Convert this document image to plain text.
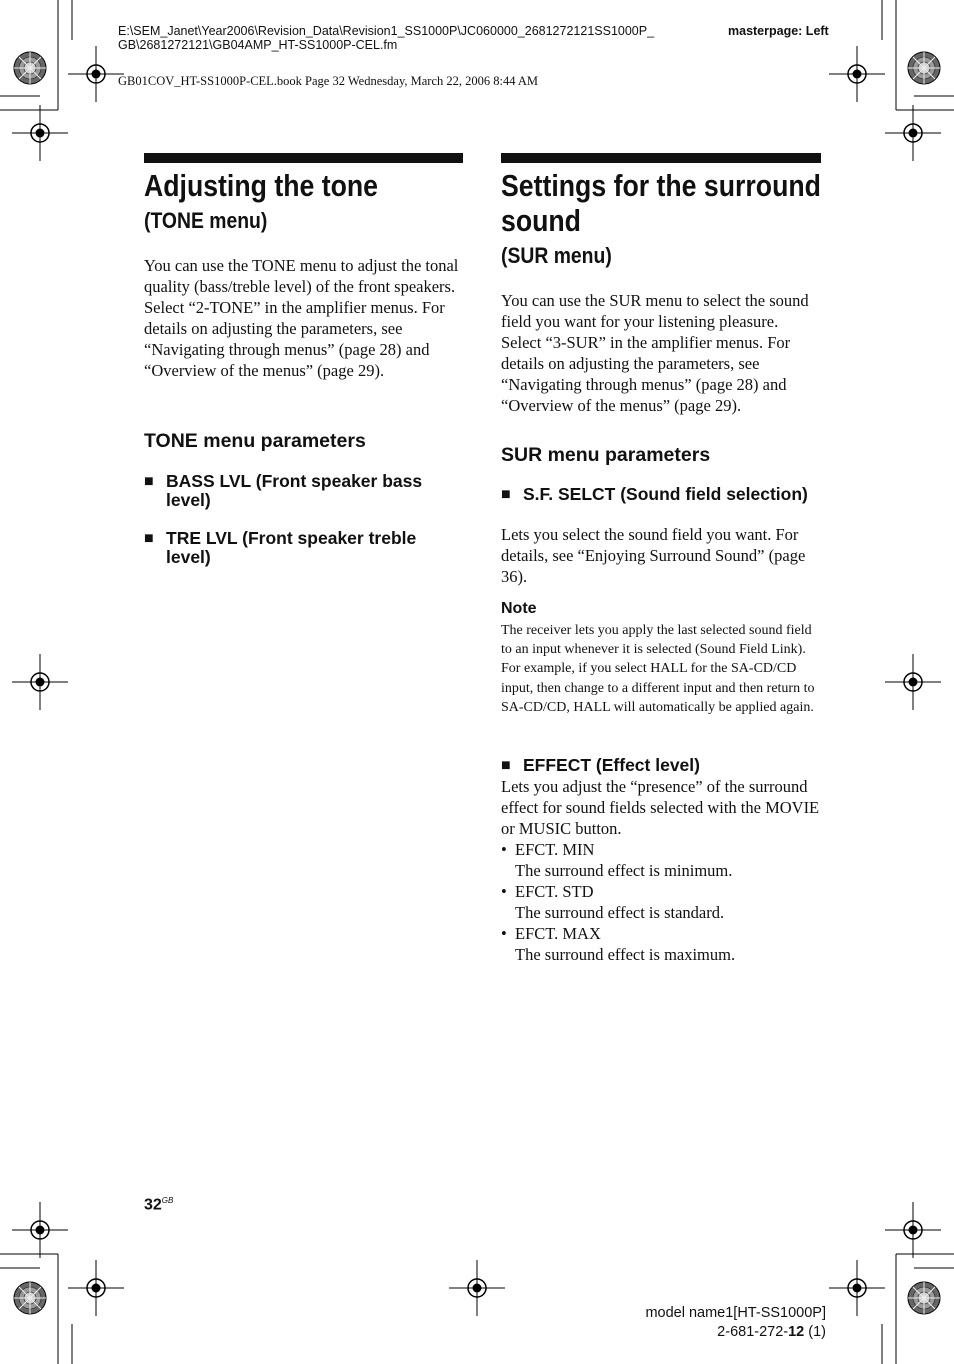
E:\SEM_Janet\Year2006\Revision_Data\Revision1_SS1000P\JC060000_2681272121SS1000P_
GB\2681272121\GB04AMP_HT-SS1000P-CEL.fm
masterpage: Left
GB01COV_HT-SS1000P-CEL.book Page 32 Wednesday, March 22, 2006 8:44 AM
Adjusting the tone
(TONE menu)

You can use the TONE menu to adjust the tonal quality (bass/treble level) of the front speakers.

Select “2-TONE” in the amplifier menus. For details on adjusting the parameters, see “Navigating through menus” (page 28) and “Overview of the menus” (page 29).

TONE menu parameters
■ BASS LVL (Front speaker bass level)
■ TRE LVL (Front speaker treble level)
Settings for the surround
sound
(SUR menu)

You can use the SUR menu to select the sound field you want for your listening pleasure.

Select “3-SUR” in the amplifier menus. For details on adjusting the parameters, see “Navigating through menus” (page 28) and “Overview of the menus” (page 29).

SUR menu parameters
■ S.F. SELCT (Sound field selection)
Lets you select the sound field you want. For details, see “Enjoying Surround Sound” (page 36).
Note
The receiver lets you apply the last selected sound field to an input whenever it is selected (Sound Field Link). For example, if you select HALL for the SA-CD/CD input, then change to a different input and then return to SA-CD/CD, HALL will automatically be applied again.
■ EFFECT (Effect level)

Lets you adjust the “presence” of the surround effect for sound fields selected with the MOVIE or MUSIC button.

• EFCT. MIN
The surround effect is minimum.
• EFCT. STD
The surround effect is standard.
• EFCT. MAX
The surround effect is maximum.
$32^{GB}$
model name1[HT-SS1000P]
2-681-272-12 (1)
